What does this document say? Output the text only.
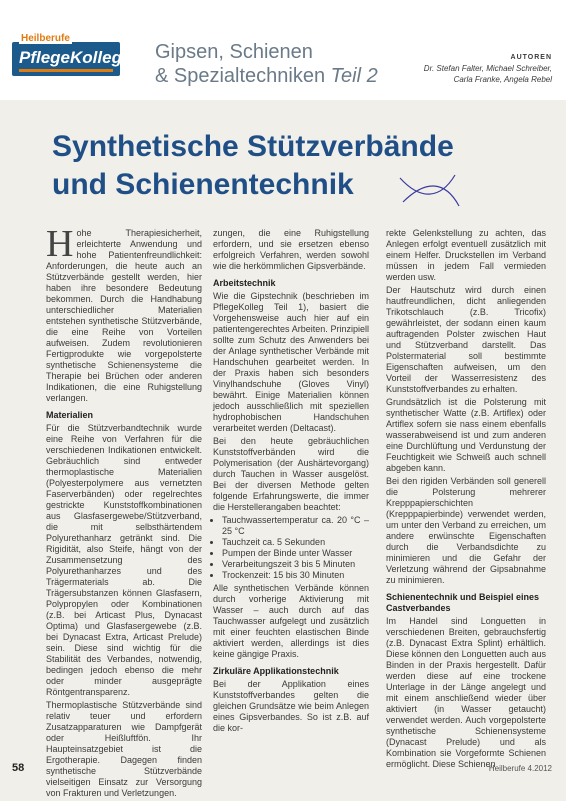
Heilberufe
PflegeKolleg Gipsen, Schienen
& Spezialtechniken Teil 2
AUTOREN
Dr. Stefan Falter, Michael Schreiber,
Carla Franke, Angela Rebel
Synthetische Stützverbände
und Schienentechnik

Hohe Therapiesicherheit, erleichterte Anwendung und hohe Patientenfreundlichkeit: Anforderungen, die heute auch an Stützverbände gestellt werden, hier haben ihre besondere Bedeutung bekommen. Durch die Handhabung unterschiedlicher Materialien entstehen synthetische Stützverbände, die eine Reihe von Vorteilen aufweisen. Zudem revolutionieren Fertigprodukte wie vorgepolsterte synthetische Schienensysteme die Therapie bei Brüchen oder anderen Indikationen, die eine Ruhigstellung verlangen.

Materialien

Für die Stützverbandtechnik wurde eine Reihe von Verfahren für die verschiedenen Indikationen entwickelt. Gebräuchlich sind entweder thermoplastische Materialien (Polyesterpolymere aus vernetzten Faserverbänden) oder regelrechtes gestrickte Kunststoffkombinationen aus Glasfasergewebe/Stützverband, die mit selbsthärtendem Polyurethanharz getränkt sind. Die Rigidität, also Steife, hängt von der Zusammensetzung des Polyurethanharzes und des Trägermaterials ab. Die Trägersubstanzen können Glasfasern, Polypropylen oder Kombinationen (z.B. bei Articast Plus, Dynacast Optima) und Glasfasergewebe (z.B. bei Dynacast Extra, Articast Prelude) sein. Diese sind wichtig für die Stabilität des Verbandes, notwendig, bedingen jedoch ebenso die mehr oder minder ausgeprägte Röntgentransparenz.

Thermoplastische Stützverbände sind relativ teuer und erfordern Zusatzapparaturen wie Dampfgerät oder Heißluftfön. Ihr Haupteinsatzgebiet ist die Ergotherapie. Dagegen finden synthetische Stützverbände vielseitigen Einsatz zur Versorgung von Frakturen und Verletzungen.

zungen, die eine Ruhigstellung erfordern, und sie ersetzen ebenso erfolgreich Verfahren, werden sowohl wie die herkömmlichen Gipsverbände.

Arbeitstechnik

Wie die Gipstechnik (beschrieben im PflegeKolleg Teil 1), basiert die Vorgehensweise auch hier auf ein patientengerechtes Arbeiten. Prinzipiell sollte zum Schutz des Anwenders bei der Anlage synthetischer Verbände mit Handschuhen gearbeitet werden. In der Praxis haben sich besonders Vinylhandschuhe (Gloves Vinyl) bewährt. Einige Materialien können jedoch ausschließlich mit speziellen hydrophobischen Handschuhen verarbeitet werden (Deltacast).

Bei den heute gebräuchlichen Kunststoffverbänden wird die Polymerisation (der Aushärtevorgang) durch Tauchen in Wasser ausgelöst. Bei der diversen Methode gelten folgende Erfahrungswerte, die immer die Herstellerangaben beachtet:

• Tauchwassertemperatur ca. 20 °C – 25 °C
• Tauchzeit ca. 5 Sekunden
• Pumpen der Binde unter Wasser
• Verarbeitungszeit 3 bis 5 Minuten
• Trockenzeit: 15 bis 30 Minuten

Alle synthetischen Verbände können durch vorherige Aktivierung mit Wasser – auch durch auf das Tauchwasser aufgelegt und zusätzlich mit einer feuchten elastischen Binde aktiviert werden, allerdings ist dies keine gängige Praxis.

Zirkuläre Applikationstechnik

Bei der Applikation eines Kunststoffverbandes gelten die gleichen Grundsätze wie beim Anlegen eines Gipsverbandes. So ist z.B. auf die kor-

rekte Gelenkstellung zu achten, das Anlegen erfolgt eventuell zusätzlich mit einem Helfer. Druckstellen im Verband müssen in jedem Fall vermieden werden usw.

Der Hautschutz wird durch einen hautfreundlichen, dicht anliegenden Trikotschlauch (z.B. Tricofix) gewährleistet, der sodann einen kaum auftragenden Polster zwischen Haut und Stützverband darstellt. Das Polstermaterial soll bestimmte Eigenschaften aufweisen, um den Vorteil der Wasserresistenz des Kunststoffverbandes zu erhalten.

Grundsätzlich ist die Polsterung mit synthetischer Watte (z.B. Artiflex) oder Artiflex sofern sie nass einem ebenfalls wasserabweisend ist und zum anderen eine Durchlüftung und Verdunstung der Feuchtigkeit wie Schweiß auch schnell abgeben kann.

Bei den rigiden Verbänden soll generell die Polsterung mehrerer Krepppapierschichten (Krepppapierbinde) verwendet werden, um unter den Verband zu erreichen, um andere erwünschte Eigenschaften durch die Verbandsdichte zu minimieren und die Gefahr der Verletzung während der Gipsabnahme zu minimieren.

Schienentechnik und Beispiel eines Castverbandes

Im Handel sind Longuetten in verschiedenen Breiten, gebrauchsfertig (z.B. Dynacast Extra Splint) erhältlich. Diese können den Longuetten auch aus Binden in der Praxis hergestellt. Dafür werden diese auf eine trockene Unterlage in der Länge angelegt und mit einem anschließend wieder über aktiviert (in Wasser getaucht) verwendet werden. Auch vorgepolsterte synthetische Schienensysteme (Dynacast Prelude) und als Kombination sie Vorgeformte Schienen ermöglicht. Diese Schienen

58	Heilberufe 4.2012
